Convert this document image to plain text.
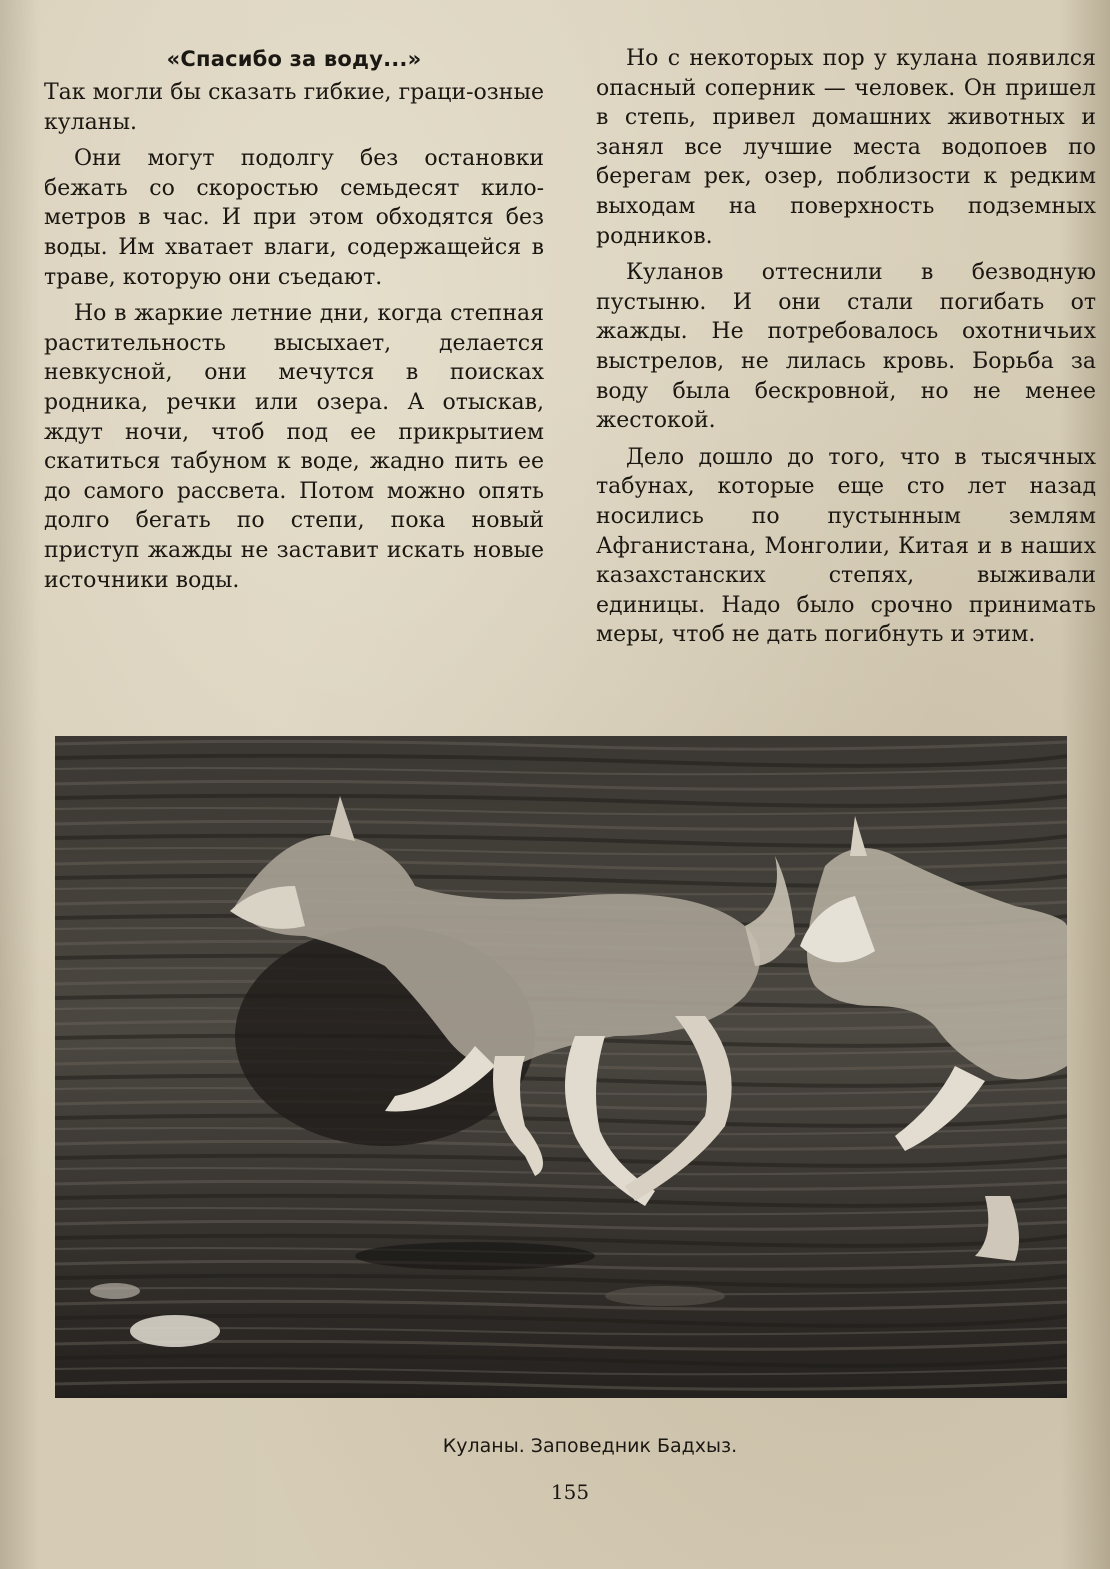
«Спасибо за воду...»

Так могли бы сказать гибкие, граци-озные куланы.

Они могут подолгу без остановки бежать со скоростью семьдесят километров в час. И при этом обходятся без воды. Им хватает влаги, содержащейся в траве, которую они съедают.

Но в жаркие летние дни, когда степная растительность высыхает, делается невкусной, они мечутся в поисках родника, речки или озера. А отыскав, ждут ночи, чтоб под ее прикрытием скатиться табуном к воде, жадно пить ее до самого рассвета. Потом можно опять долго бегать по степи, пока новый приступ жажды не заставит искать новые источники воды.

Но с некоторых пор у кулана появился опасный соперник — человек. Он пришел в степь, привел домашних животных и занял все лучшие места водопоев по берегам рек, озер, поблизости к редким выходам на поверхность подземных родников.

Куланов оттеснили в безводную пустыню. И они стали погибать от жажды. Не потребовалось охотничьих выстрелов, не лилась кровь. Борьба за воду была бескровной, но не менее жестокой.

Дело дошло до того, что в тысячных табунах, которые еще сто лет назад носились по пустынным землям Афганистана, Монголии, Китая и в наших казахстанских степях, выживали единицы. Надо было срочно принимать меры, чтоб не дать погибнуть и этим.

Куланы. Заповедник Бадхыз.
155
